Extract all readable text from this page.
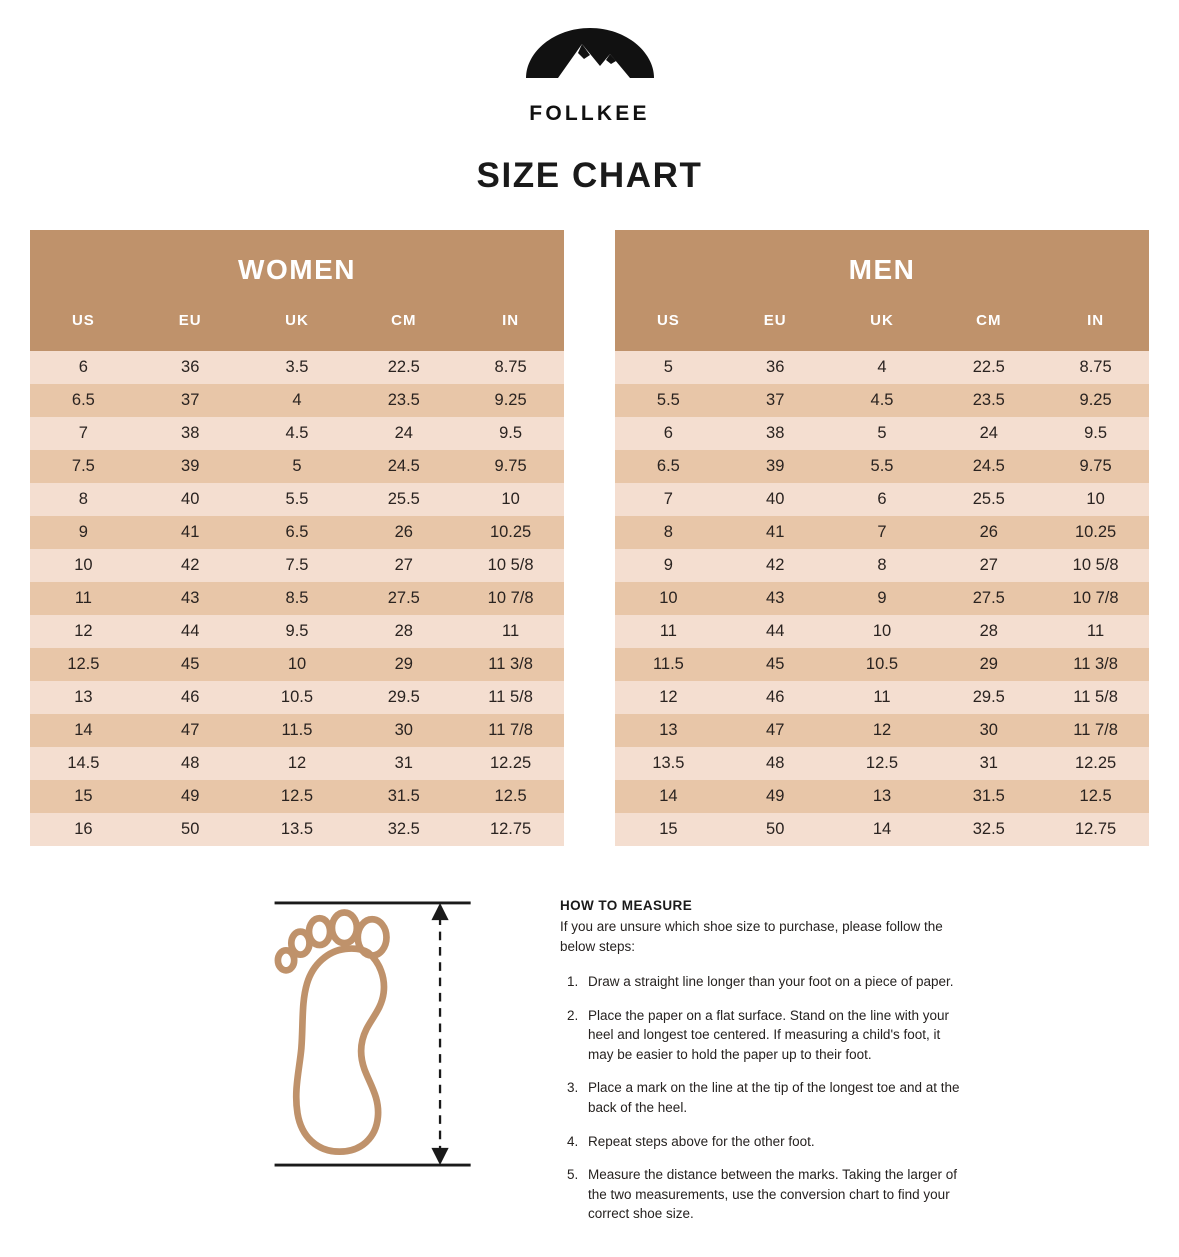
FOLLKEE
SIZE CHART
WOMEN
US	EU	UK	CM	IN
6	36	3.5	22.5	8.75
6.5	37	4	23.5	9.25
7	38	4.5	24	9.5
7.5	39	5	24.5	9.75
8	40	5.5	25.5	10
9	41	6.5	26	10.25
10	42	7.5	27	10 5/8
11	43	8.5	27.5	10 7/8
12	44	9.5	28	11
12.5	45	10	29	11 3/8
13	46	10.5	29.5	11 5/8
14	47	11.5	30	11 7/8
14.5	48	12	31	12.25
15	49	12.5	31.5	12.5
16	50	13.5	32.5	12.75
MEN
US	EU	UK	CM	IN
5	36	4	22.5	8.75
5.5	37	4.5	23.5	9.25
6	38	5	24	9.5
6.5	39	5.5	24.5	9.75
7	40	6	25.5	10
8	41	7	26	10.25
9	42	8	27	10 5/8
10	43	9	27.5	10 7/8
11	44	10	28	11
11.5	45	10.5	29	11 3/8
12	46	11	29.5	11 5/8
13	47	12	30	11 7/8
13.5	48	12.5	31	12.25
14	49	13	31.5	12.5
15	50	14	32.5	12.75
HOW TO MEASURE

If you are unsure which shoe size to purchase, please follow the below steps:

1. Draw a straight line longer than your foot on a piece of paper.
2. Place the paper on a flat surface. Stand on the line with your heel and longest toe centered. If measuring a child's foot, it may be easier to hold the paper up to their foot.
3. Place a mark on the line at the tip of the longest toe and at the back of the heel.
4. Repeat steps above for the other foot.
5. Measure the distance between the marks. Taking the larger of the two measurements, use the conversion chart to find your correct shoe size.
